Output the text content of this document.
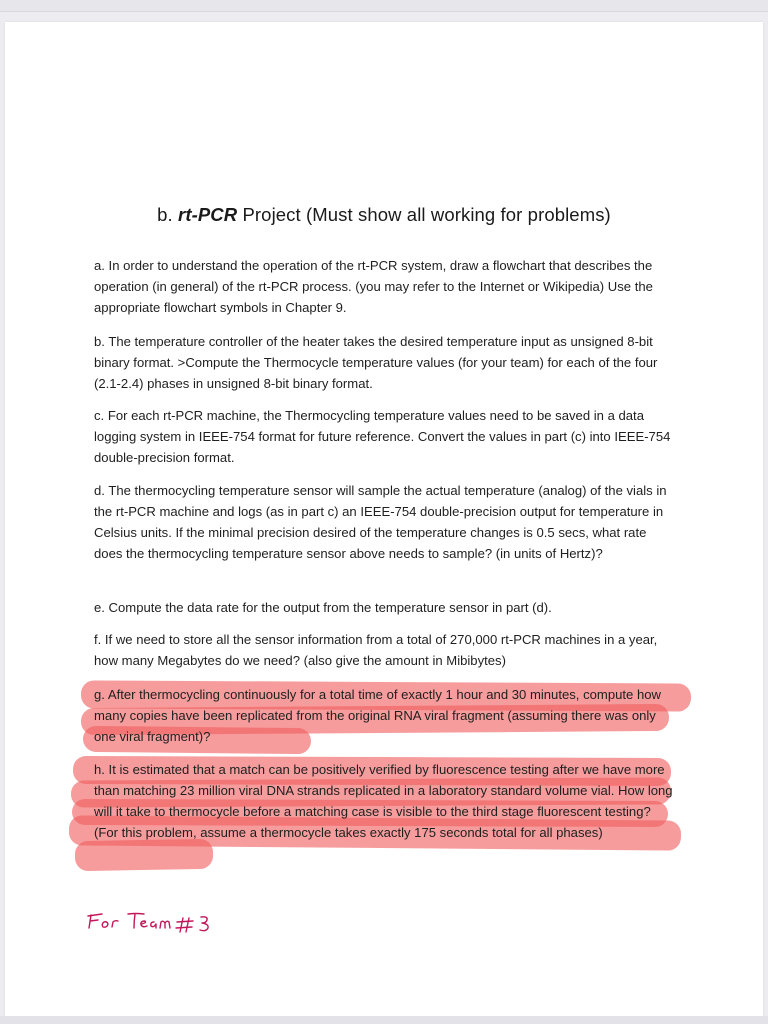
b. rt-PCR Project (Must show all working for problems)

a. In order to understand the operation of the rt-PCR system, draw a flowchart that describes the operation (in general) of the rt-PCR process. (you may refer to the Internet or Wikipedia) Use the appropriate flowchart symbols in Chapter 9.

b. The temperature controller of the heater takes the desired temperature input as unsigned 8-bit binary format. >Compute the Thermocycle temperature values (for your team) for each of the four (2.1-2.4) phases in unsigned 8-bit binary format.

c. For each rt-PCR machine, the Thermocycling temperature values need to be saved in a data logging system in IEEE-754 format for future reference. Convert the values in part (c) into IEEE-754 double-precision format.

d. The thermocycling temperature sensor will sample the actual temperature (analog) of the vials in the rt-PCR machine and logs (as in part c) an IEEE-754 double-precision output for temperature in Celsius units. If the minimal precision desired of the temperature changes is 0.5 secs, what rate does the thermocycling temperature sensor above needs to sample? (in units of Hertz)?

e. Compute the data rate for the output from the temperature sensor in part (d).

f. If we need to store all the sensor information from a total of 270,000 rt-PCR machines in a year, how many Megabytes do we need? (also give the amount in Mibibytes)

g. After thermocycling continuously for a total time of exactly 1 hour and 30 minutes, compute how many copies have been replicated from the original RNA viral fragment (assuming there was only one viral fragment)?

h. It is estimated that a match can be positively verified by fluorescence testing after we have more than matching 23 million viral DNA strands replicated in a laboratory standard volume vial. How long will it take to thermocycle before a matching case is visible to the third stage fluorescent testing? (For this problem, assume a thermocycle takes exactly 175 seconds total for all phases)
